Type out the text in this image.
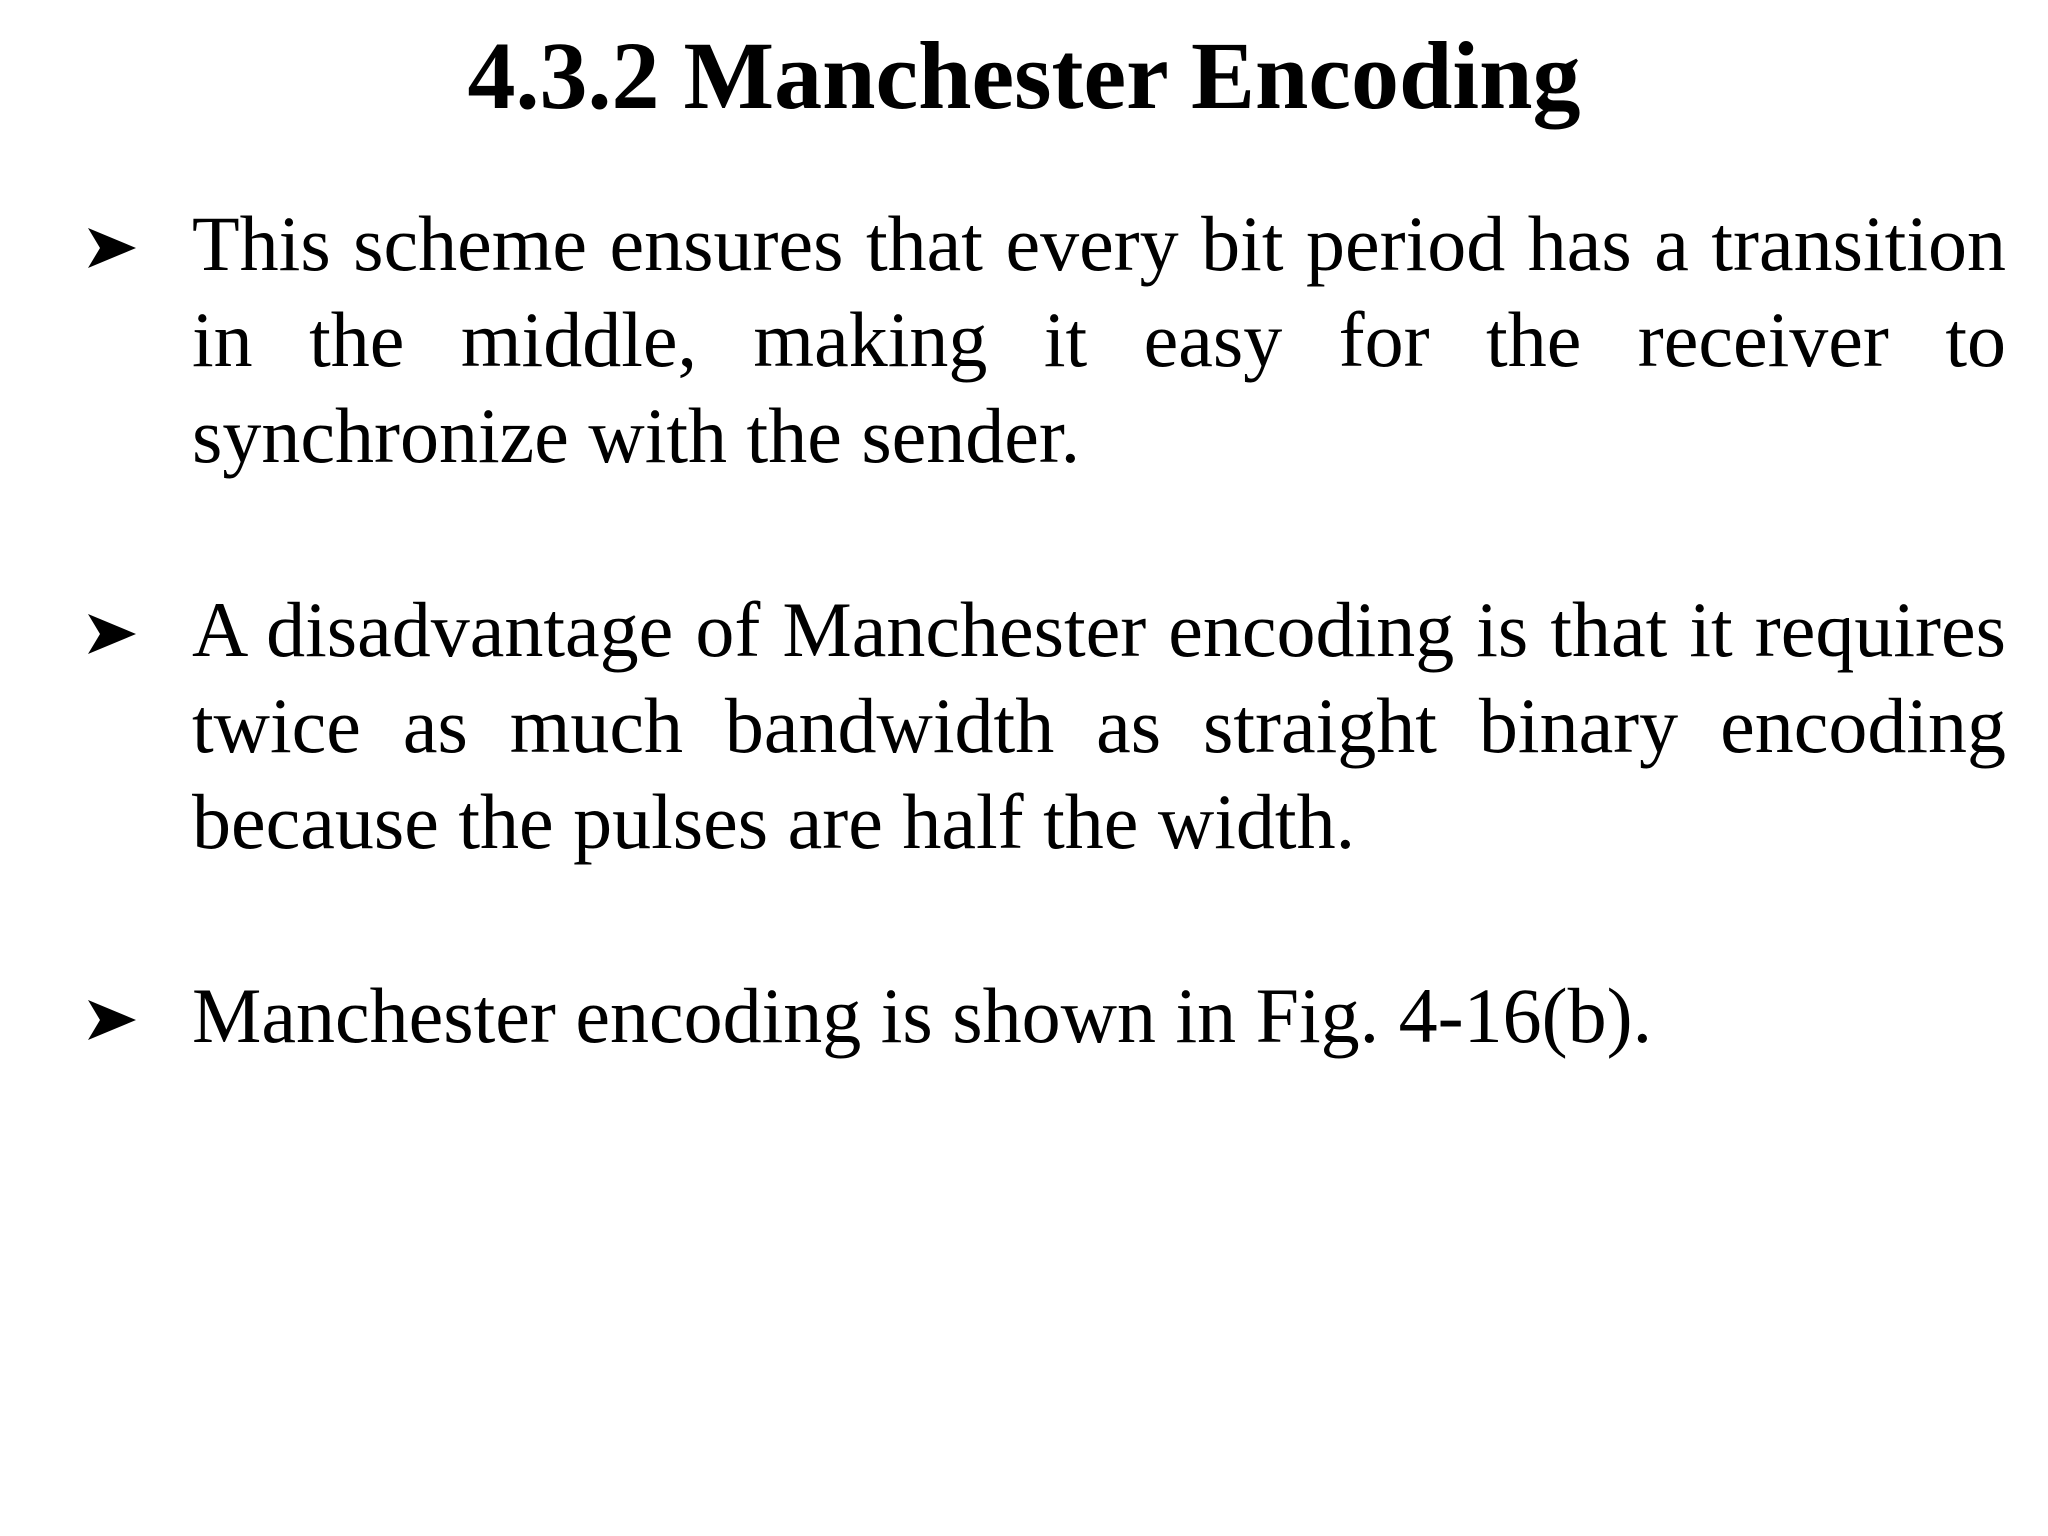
4.3.2 Manchester Encoding
This scheme ensures that every bit period has a transition in the middle, making it easy for the receiver to synchronize with the sender.
A disadvantage of Manchester encoding is that it requires twice as much bandwidth as straight binary encoding because the pulses are half the width.
Manchester encoding is shown in Fig. 4-16(b).
